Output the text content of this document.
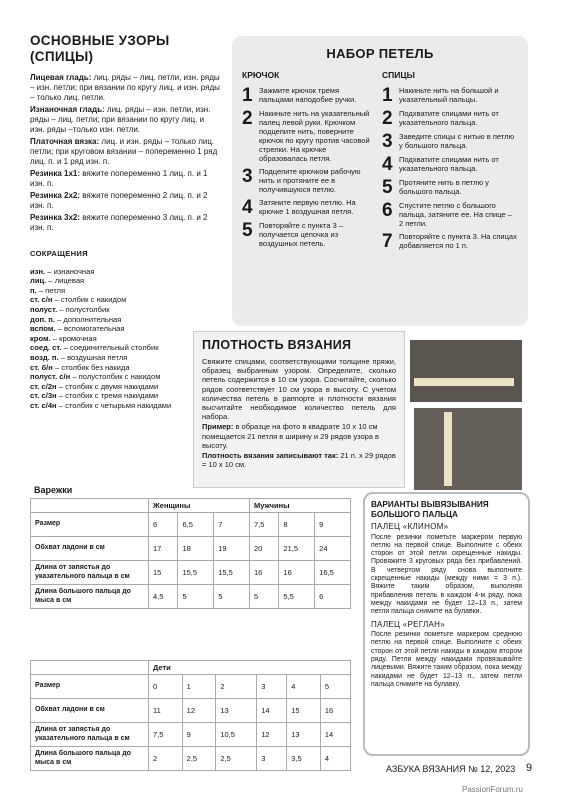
ОСНОВНЫЕ УЗОРЫ (СПИЦЫ)

Лицевая гладь: лиц. ряды – лиц. петли, изн. ряды – изн. петли; при вязании по кругу лиц. и изн. ряды – только лиц. петли.

Изнаночная гладь: лиц. ряды – изн. петли, изн. ряды – лиц. петли; при вязании по кругу лиц. и изн. ряды –только изн. петли.

Платочная вязка: лиц. и изн. ряды – только лиц. петли; при круговом вязании – попеременно 1 ряд лиц. п. и 1 ряд изн. п.

Резинка 1х1: вяжите попеременно 1 лиц. п. и 1 изн. п.

Резинка 2х2: вяжите попеременно 2 лиц. п. и 2 изн. п.

Резинка 3х2: вяжите попеременно 3 лиц. п. и 2 изн. п.

СОКРАЩЕНИЯ
изн. – изнаночная
лиц. – лицевая
п. – петля
ст. с/н – столбик с накидом
полуст. – полустолбик
доп. п. – дополнительная
вспом. – вспомогательная
кром. – кромочная
соед. ст. – соединительный столбик
возд. п. – воздушная петля
ст. б/н – столбик без накида
полуст. с/н – полустолбик с накидом
ст. с/2н – столбик с двумя накидами
ст. с/3н – столбик с тремя накидами
ст. с/4н – столбик с четырьмя накидами
НАБОР ПЕТЕЛЬ
КРЮЧОК
1 Зажмите крючок тремя пальцами наподобие ручки.
2 Накиньте нить на указательный палец левой руки. Крючком подцепите нить, поверните крючок по кругу против часовой стрелки. На крючке образовалась петля.
3 Подцепите крючком рабочую нить и протяните ее в получившуюся петлю.
4 Затяните первую петлю. На крючке 1 воздушная петля.
5 Повторяйте с пункта 3 – получается цепочка из воздушных петель.
СПИЦЫ
1 Накиньте нить на большой и указательный пальцы.
2 Подхватите спицами нить от указательного пальца.
3 Заведите спицы с нитью в петлю у большого пальца.
4 Подхватите спицами нить от указательного пальца.
5 Протяните нить в петлю у большого пальца.
6 Спустите петлю с большого пальца, затяните ее. На спице – 2 петли.
7 Повторяйте с пункта 3. На спицах добавляется по 1 п.
ПЛОТНОСТЬ ВЯЗАНИЯ

Свяжите спицами, соответствующими толщине пряжи, образец выбранным узором. Определите, сколько петель содержится в 10 см узора. Сосчитайте, сколько рядов соответствует 10 см узора в высоту. С учетом количества петель в раппорте и плотности вязания высчитайте необходимое количество петель для набора.

Пример: в образце на фото в квадрате 10 х 10 см помещается 21 петля в ширину и 29 рядов узора в высоту.

Плотность вязания записывают так: 21 п. х 29 рядов = 10 х 10 см.

Варежки
	Женщины			Мужчины		
Размер	6	6,5	7	7,5	8	9
Обхват ладони в см	17	18	19	20	21,5	24
Длина от запястья до указательного пальца в см	15	15,5	15,5	16	16	16,5
Длина большого пальца до мыса в см	4,5	5	5	5	5,5	6
	Дети					
Размер	0	1	2	3	4	5
Обхват ладони в см	11	12	13	14	15	16
Длина от запястья до указательного пальца в см	7,5	9	10,5	12	13	14
Длина большого пальца до мыса в см	2	2,5	2,5	3	3,5	4
ВАРИАНТЫ ВЫВЯЗЫВАНИЯ БОЛЬШОГО ПАЛЬЦА
ПАЛЕЦ «КЛИНОМ»

После резинки пометьте маркером первую петлю на первой спице. Выполните с обеих сторон от этой петли скрещенные накиды. Провяжите 3 круговых ряда без прибавлений. В четвертом ряду снова выполните скрещенные накиды (между ними = 3 п.). Вяжите таким образом, выполняя прибавления петель в каждом 4-м ряду, пока между накидами не будет 12–13 п., затем петли пальца снимите на булавки.

ПАЛЕЦ «РЕГЛАН»

После резинки пометьте маркером среднюю петлю на первой спице. Выполните с обеих сторон от этой петли накиды в каждом втором ряду. Петли между накидами провязывайте лицевыми. Вяжите таким образом, пока между накидами не будет 12–13 п., затем петли пальца снимите на булавку.

АЗБУКА ВЯЗАНИЯ № 12, 2023 9
PassionForum.ru
